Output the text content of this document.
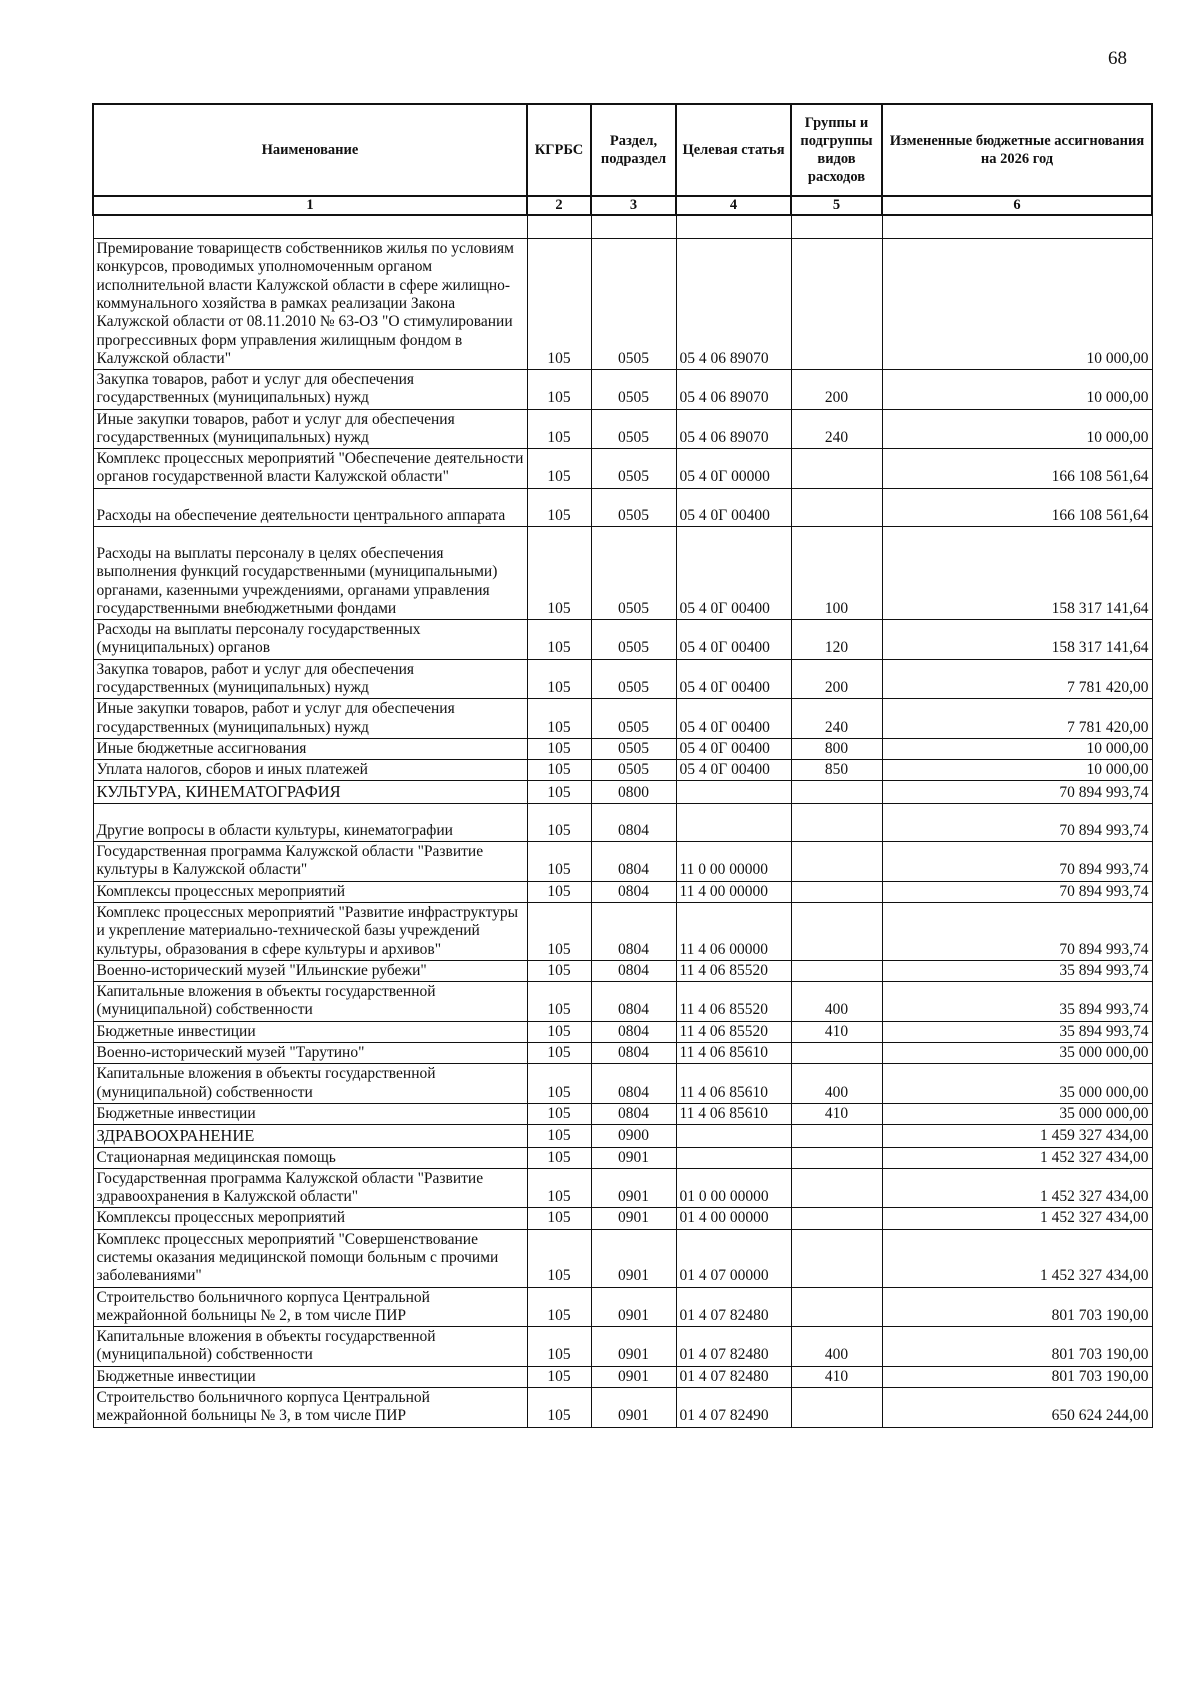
68
Наименование	КГРБС	Раздел, подраздел	Целевая статья	Группы и подгруппы видов расходов	Измененные бюджетные ассигнования на 2026 год
1	2	3	4	5	6

Премирование товариществ собственников жилья по условиям конкурсов, проводимых уполномоченным органом исполнительной власти Калужской области в сфере жилищно-коммунального хозяйства в рамках реализации Закона Калужской области от 08.11.2010 № 63-ОЗ "О стимулировании прогрессивных форм управления жилищным фондом в Калужской области"	105	0505	05 4 06 89070		10 000,00
Закупка товаров, работ и услуг для обеспечения государственных (муниципальных) нужд	105	0505	05 4 06 89070	200	10 000,00
Иные закупки товаров, работ и услуг для обеспечения государственных (муниципальных) нужд	105	0505	05 4 06 89070	240	10 000,00
Комплекс процессных мероприятий "Обеспечение деятельности органов государственной власти Калужской области"	105	0505	05 4 0Г 00000		166 108 561,64
Расходы на обеспечение деятельности центрального аппарата	105	0505	05 4 0Г 00400		166 108 561,64
Расходы на выплаты персоналу в целях обеспечения выполнения функций государственными (муниципальными) органами, казенными учреждениями, органами управления государственными внебюджетными фондами	105	0505	05 4 0Г 00400	100	158 317 141,64
Расходы на выплаты персоналу государственных (муниципальных) органов	105	0505	05 4 0Г 00400	120	158 317 141,64
Закупка товаров, работ и услуг для обеспечения государственных (муниципальных) нужд	105	0505	05 4 0Г 00400	200	7 781 420,00
Иные закупки товаров, работ и услуг для обеспечения государственных (муниципальных) нужд	105	0505	05 4 0Г 00400	240	7 781 420,00
Иные бюджетные ассигнования	105	0505	05 4 0Г 00400	800	10 000,00
Уплата налогов, сборов и иных платежей	105	0505	05 4 0Г 00400	850	10 000,00
КУЛЬТУРА, КИНЕМАТОГРАФИЯ	105	0800			70 894 993,74
Другие вопросы в области культуры, кинематографии	105	0804			70 894 993,74
Государственная программа Калужской области "Развитие культуры в Калужской области"	105	0804	11 0 00 00000		70 894 993,74
Комплексы процессных мероприятий	105	0804	11 4 00 00000		70 894 993,74
Комплекс процессных мероприятий "Развитие инфраструктуры и укрепление материально-технической базы учреждений культуры, образования в сфере культуры и архивов"	105	0804	11 4 06 00000		70 894 993,74
Военно-исторический музей "Ильинские рубежи"	105	0804	11 4 06 85520		35 894 993,74
Капитальные вложения в объекты государственной (муниципальной) собственности	105	0804	11 4 06 85520	400	35 894 993,74
Бюджетные инвестиции	105	0804	11 4 06 85520	410	35 894 993,74
Военно-исторический музей "Тарутино"	105	0804	11 4 06 85610		35 000 000,00
Капитальные вложения в объекты государственной (муниципальной) собственности	105	0804	11 4 06 85610	400	35 000 000,00
Бюджетные инвестиции	105	0804	11 4 06 85610	410	35 000 000,00
ЗДРАВООХРАНЕНИЕ	105	0900			1 459 327 434,00
Стационарная медицинская помощь	105	0901			1 452 327 434,00
Государственная программа Калужской области "Развитие здравоохранения в Калужской области"	105	0901	01 0 00 00000		1 452 327 434,00
Комплексы процессных мероприятий	105	0901	01 4 00 00000		1 452 327 434,00
Комплекс процессных мероприятий "Совершенствование системы оказания медицинской помощи больным с прочими заболеваниями"	105	0901	01 4 07 00000		1 452 327 434,00
Строительство больничного корпуса Центральной межрайонной больницы № 2, в том числе ПИР	105	0901	01 4 07 82480		801 703 190,00
Капитальные вложения в объекты государственной (муниципальной) собственности	105	0901	01 4 07 82480	400	801 703 190,00
Бюджетные инвестиции	105	0901	01 4 07 82480	410	801 703 190,00
Строительство больничного корпуса Центральной межрайонной больницы № 3, в том числе ПИР	105	0901	01 4 07 82490		650 624 244,00
